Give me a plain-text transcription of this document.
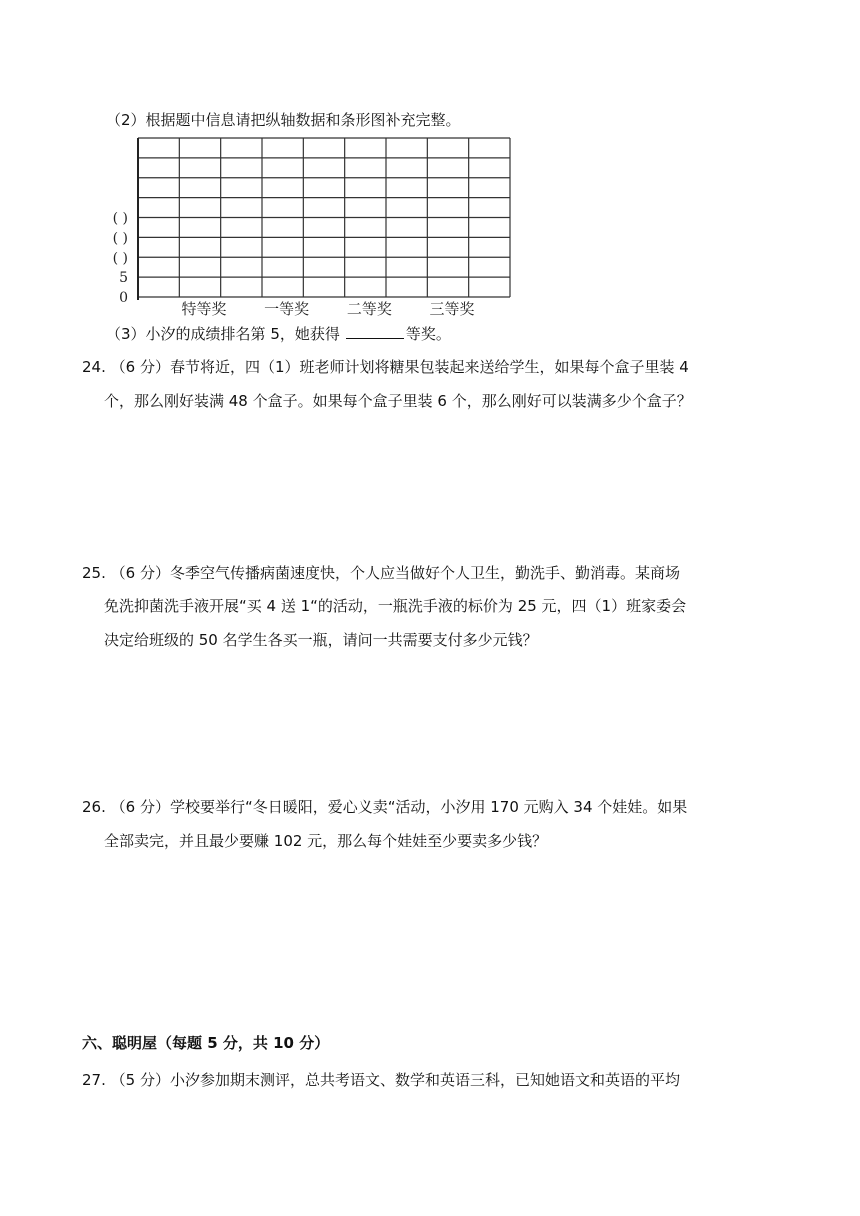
（2）根据题中信息请把纵轴数据和条形图补充完整。
0
5
( )
( )
( )
特等奖	一等奖	二等奖	三等奖
（3）小汐的成绩排名第 5，她获得	等奖。
24. （6 分）春节将近，四（1）班老师计划将糖果包装起来送给学生，如果每个盒子里装 4
个，那么刚好装满 48 个盒子。如果每个盒子里装 6 个，那么刚好可以装满多少个盒子？
25. （6 分）冬季空气传播病菌速度快，个人应当做好个人卫生，勤洗手、勤消毒。某商场
免洗抑菌洗手液开展“买 4 送 1“的活动，一瓶洗手液的标价为 25 元，四（1）班家委会
决定给班级的 50 名学生各买一瓶，请问一共需要支付多少元钱？
26. （6 分）学校要举行“冬日暖阳，爱心义卖“活动，小汐用 170 元购入 34 个娃娃。如果
全部卖完，并且最少要赚 102 元，那么每个娃娃至少要卖多少钱？
六、聪明屋（每题 5 分，共 10 分）
27. （5 分）小汐参加期末测评，总共考语文、数学和英语三科，已知她语文和英语的平均
